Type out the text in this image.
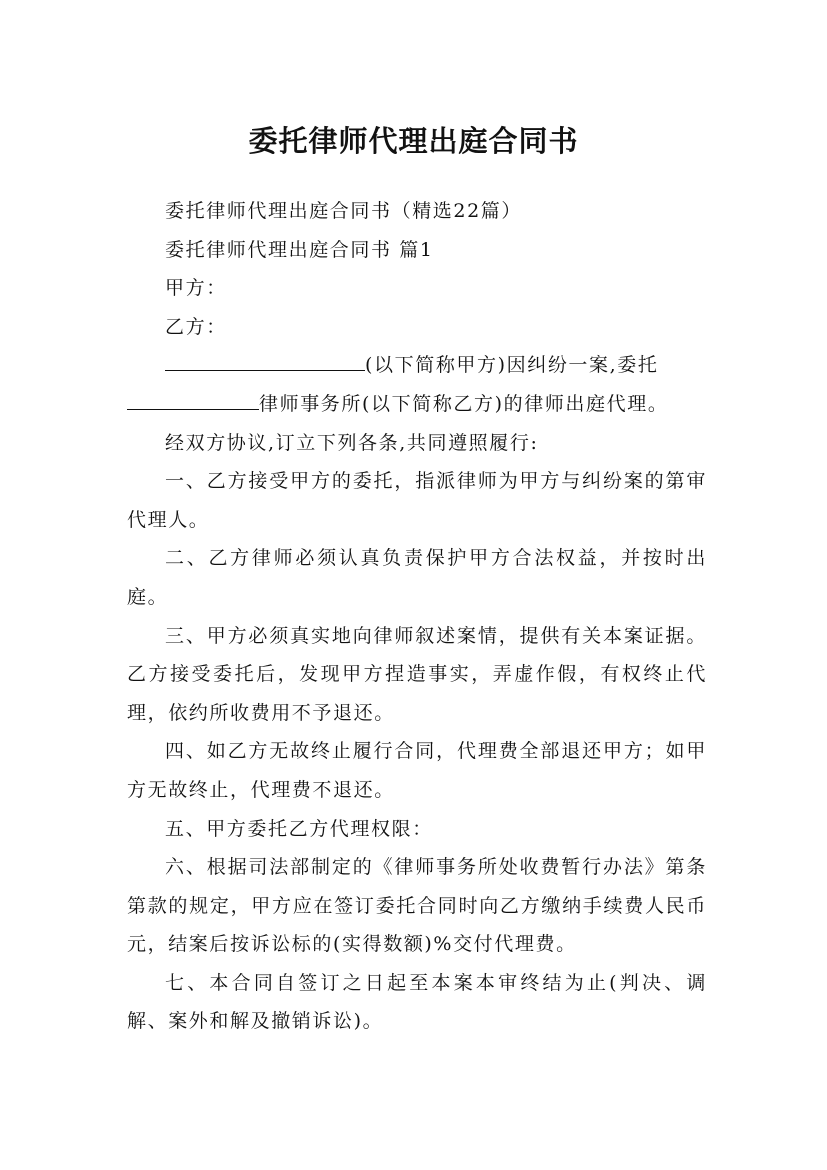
委托律师代理出庭合同书

委托律师代理出庭合同书（精选22篇）

委托律师代理出庭合同书 篇1

甲方：

乙方：

(以下简称甲方)因纠纷一案,委托

律师事务所(以下简称乙方)的律师出庭代理。

经双方协议,订立下列各条,共同遵照履行:

一、乙方接受甲方的委托，指派律师为甲方与纠纷案的第审代理人。

二、乙方律师必须认真负责保护甲方合法权益，并按时出庭。

三、甲方必须真实地向律师叙述案情，提供有关本案证据。乙方接受委托后，发现甲方捏造事实，弄虚作假，有权终止代理，依约所收费用不予退还。

四、如乙方无故终止履行合同，代理费全部退还甲方；如甲方无故终止，代理费不退还。

五、甲方委托乙方代理权限：

六、根据司法部制定的《律师事务所处收费暂行办法》第条第款的规定，甲方应在签订委托合同时向乙方缴纳手续费人民币元，结案后按诉讼标的(实得数额)%交付代理费。

七、本合同自签订之日起至本案本审终结为止(判决、调解、案外和解及撤销诉讼)。
